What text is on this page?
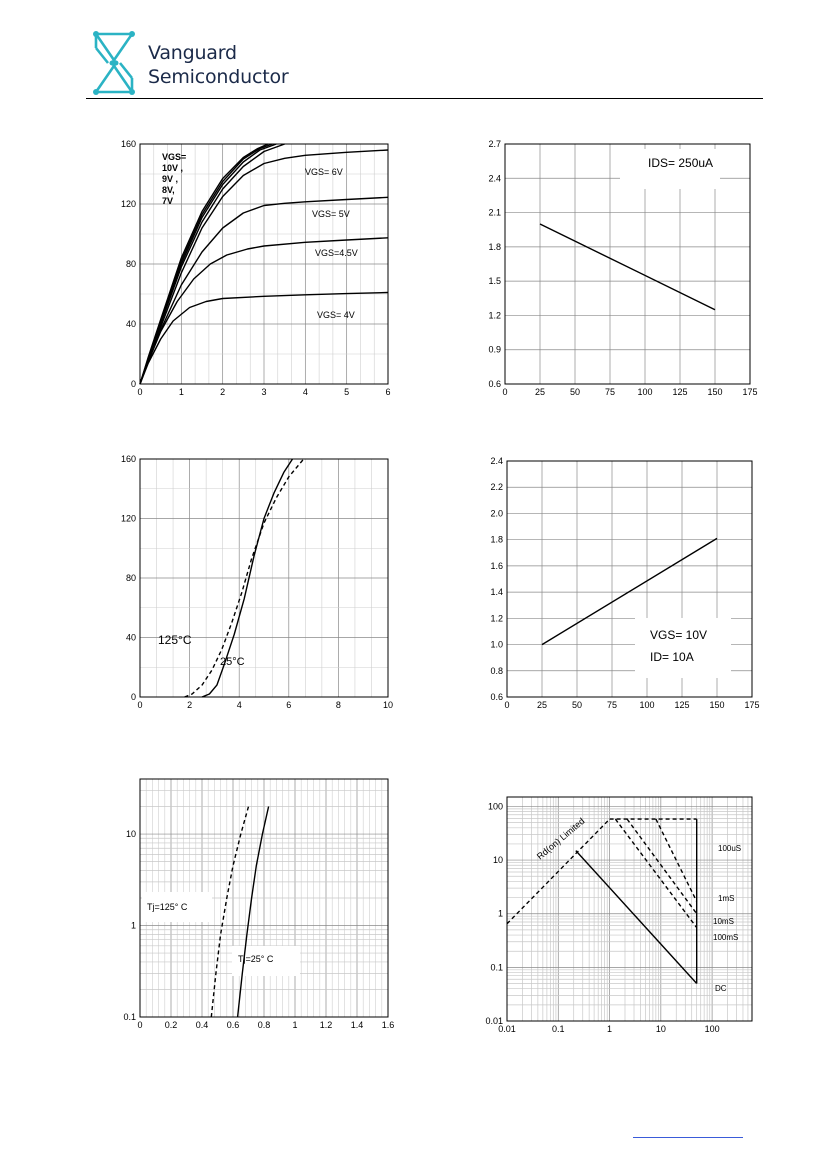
Vanguard
Semiconductor
0	1	2	3	4	5	6
0
40
80
120
160
VGS=
10V ,
9V ,
8V,
7V
VGS= 4V
VGS=4.5V
VGS= 5V
VGS= 6V
0	25	50	75 100 125 150 175
0.6
0.9
1.2
1.5
1.8
2.1
2.4
2.7
IDS= 250uA
0	2	4	6	8	10
0
40
80
120
160
25°C
125°C
0	25	50	75 100 125 150 175
0.6
0.8
1.0
1.2
1.4
1.6
1.8
2.0
2.2
2.4
VGS= 10V
ID= 10A
0 0.2 0.4 0.6 0.8 1 1.2 1.4 1.6
0.1
1
10
Tj=25° C
Tj=125° C
0.01	0.1	1	10	100
0.01
0.1
1
10
100
100uS
1mS
10mS
100mS
DC
Rd(on) Limited
